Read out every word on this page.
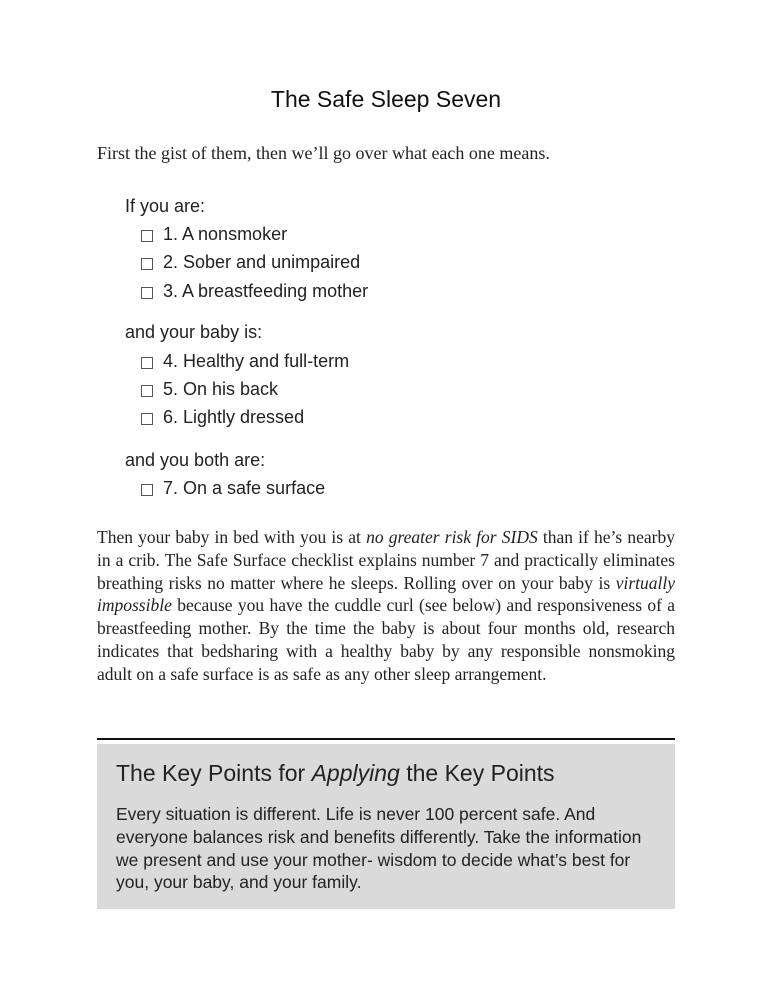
The Safe Sleep Seven
First the gist of them, then we’ll go over what each one means.
If you are:
1. A nonsmoker
2. Sober and unimpaired
3. A breastfeeding mother
and your baby is:
4. Healthy and full-term
5. On his back
6. Lightly dressed
and you both are:
7. On a safe surface
Then your baby in bed with you is at no greater risk for SIDS than if he’s nearby in a crib. The Safe Surface checklist explains number 7 and practically eliminates breathing risks no matter where he sleeps. Rolling over on your baby is virtually impossible because you have the cuddle curl (see below) and responsiveness of a breastfeeding mother. By the time the baby is about four months old, research indicates that bedsharing with a healthy baby by any responsible nonsmoking adult on a safe surface is as safe as any other sleep arrangement.
The Key Points for Applying the Key Points
Every situation is different. Life is never 100 percent safe. And everyone balances risk and benefits differently. Take the information we present and use your mother- wisdom to decide what’s best for you, your baby, and your family.
